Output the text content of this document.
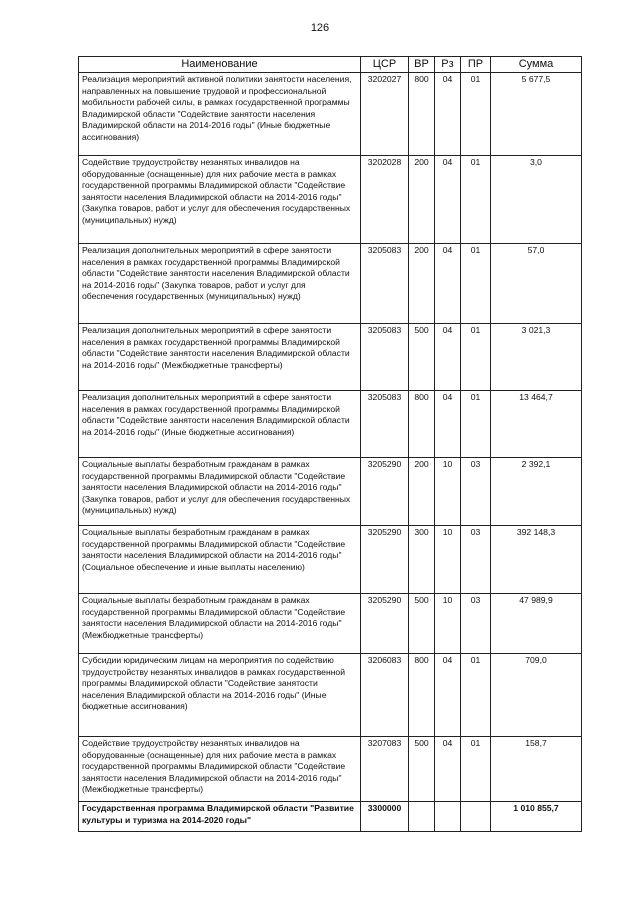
126
Наименование	ЦСР	ВР	Рз	ПР	Сумма
Реализация мероприятий активной политики занятости населения, направленных на повышение трудовой и профессиональной мобильности рабочей силы, в рамках государственной программы Владимирской области "Содействие занятости населения Владимирской области на 2014-2016 годы" (Иные бюджетные ассигнования)	3202027	800	04	01	5 677,5
Содействие трудоустройству незанятых инвалидов на оборудованные (оснащенные) для них рабочие места в рамках государственной программы Владимирской области "Содействие занятости населения Владимирской области на 2014-2016 годы" (Закупка товаров, работ и услуг для обеспечения государственных (муниципальных) нужд)	3202028	200	04	01	3,0
Реализация дополнительных мероприятий в сфере занятости населения в рамках государственной программы Владимирской области "Содействие занятости населения Владимирской области на 2014-2016 годы" (Закупка товаров, работ и услуг для обеспечения государственных (муниципальных) нужд)	3205083	200	04	01	57,0
Реализация дополнительных мероприятий в сфере занятости населения в рамках государственной программы Владимирской области "Содействие занятости населения Владимирской области на 2014-2016 годы" (Межбюджетные трансферты)	3205083	500	04	01	3 021,3
Реализация дополнительных мероприятий в сфере занятости населения в рамках государственной программы Владимирской области "Содействие занятости населения Владимирской области на 2014-2016 годы" (Иные бюджетные ассигнования)	3205083	800	04	01	13 464,7
Социальные выплаты безработным гражданам в рамках государственной программы Владимирской области "Содействие занятости населения Владимирской области на 2014-2016 годы" (Закупка товаров, работ и услуг для обеспечения государственных (муниципальных) нужд)	3205290	200	10	03	2 392,1
Социальные выплаты безработным гражданам в рамках государственной программы Владимирской области "Содействие занятости населения Владимирской области на 2014-2016 годы" (Социальное обеспечение и иные выплаты населению)	3205290	300	10	03	392 148,3
Социальные выплаты безработным гражданам в рамках государственной программы Владимирской области "Содействие занятости населения Владимирской области на 2014-2016 годы" (Межбюджетные трансферты)	3205290	500	10	03	47 989,9
Субсидии юридическим лицам на мероприятия по содействию трудоустройству незанятых инвалидов в рамках государственной программы Владимирской области "Содействие занятости населения Владимирской области на 2014-2016 годы" (Иные бюджетные ассигнования)	3206083	800	04	01	709,0
Содействие трудоустройству незанятых инвалидов на оборудованные (оснащенные) для них рабочие места в рамках государственной программы Владимирской области "Содействие занятости населения Владимирской области на 2014-2016 годы" (Межбюджетные трансферты)	3207083	500	04	01	158,7
Государственная программа Владимирской области "Развитие культуры и туризма на 2014-2020 годы"	3300000				1 010 855,7
